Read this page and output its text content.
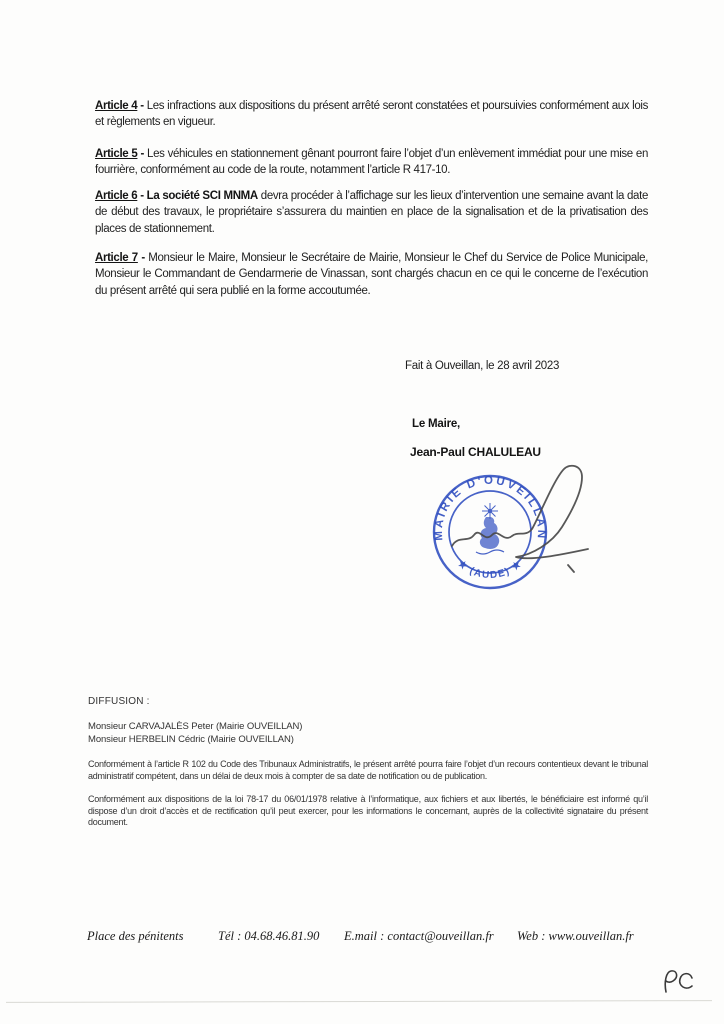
Article 4 - Les infractions aux dispositions du présent arrêté seront constatées et poursuivies conformément aux lois et règlements en vigueur.

Article 5 - Les véhicules en stationnement gênant pourront faire l’objet d’un enlèvement immédiat pour une mise en fourrière, conformément au code de la route, notamment l’article R 417-10.

Article 6 - La société SCI MNMA devra procéder à l’affichage sur les lieux d’intervention une semaine avant la date de début des travaux, le propriétaire s’assurera du maintien en place de la signalisation et de la privatisation des places de stationnement.

Article 7 - Monsieur le Maire, Monsieur le Secrétaire de Mairie, Monsieur le Chef du Service de Police Municipale, Monsieur le Commandant de Gendarmerie de Vinassan, sont chargés chacun en ce qui le concerne de l’exécution du présent arrêté qui sera publié en la forme accoutumée.

Fait à Ouveillan, le 28 avril 2023
Le Maire,
Jean-Paul CHALULEAU
MAIRIE D'OUVEILLAN
★ (AUDE) ★
DIFFUSION :
Monsieur CARVAJALÈS Peter (Mairie OUVEILLAN)
Monsieur HERBELIN Cédric (Mairie OUVEILLAN)

Conformément à l’article R 102 du Code des Tribunaux Administratifs, le présent arrêté pourra faire l’objet d’un recours contentieux devant le tribunal administratif compétent, dans un délai de deux mois à compter de sa date de notification ou de publication.

Conformément aux dispositions de la loi 78-17 du 06/01/1978 relative à l’informatique, aux fichiers et aux libertés, le bénéficiaire est informé qu’il dispose d’un droit d’accès et de rectification qu’il peut exercer, pour les informations le concernant, auprès de la collectivité signataire du présent document.

Place des pénitents	Tél : 04.68.46.81.90 E.mail : contact@ouveillan.fr Web : www.ouveillan.fr
